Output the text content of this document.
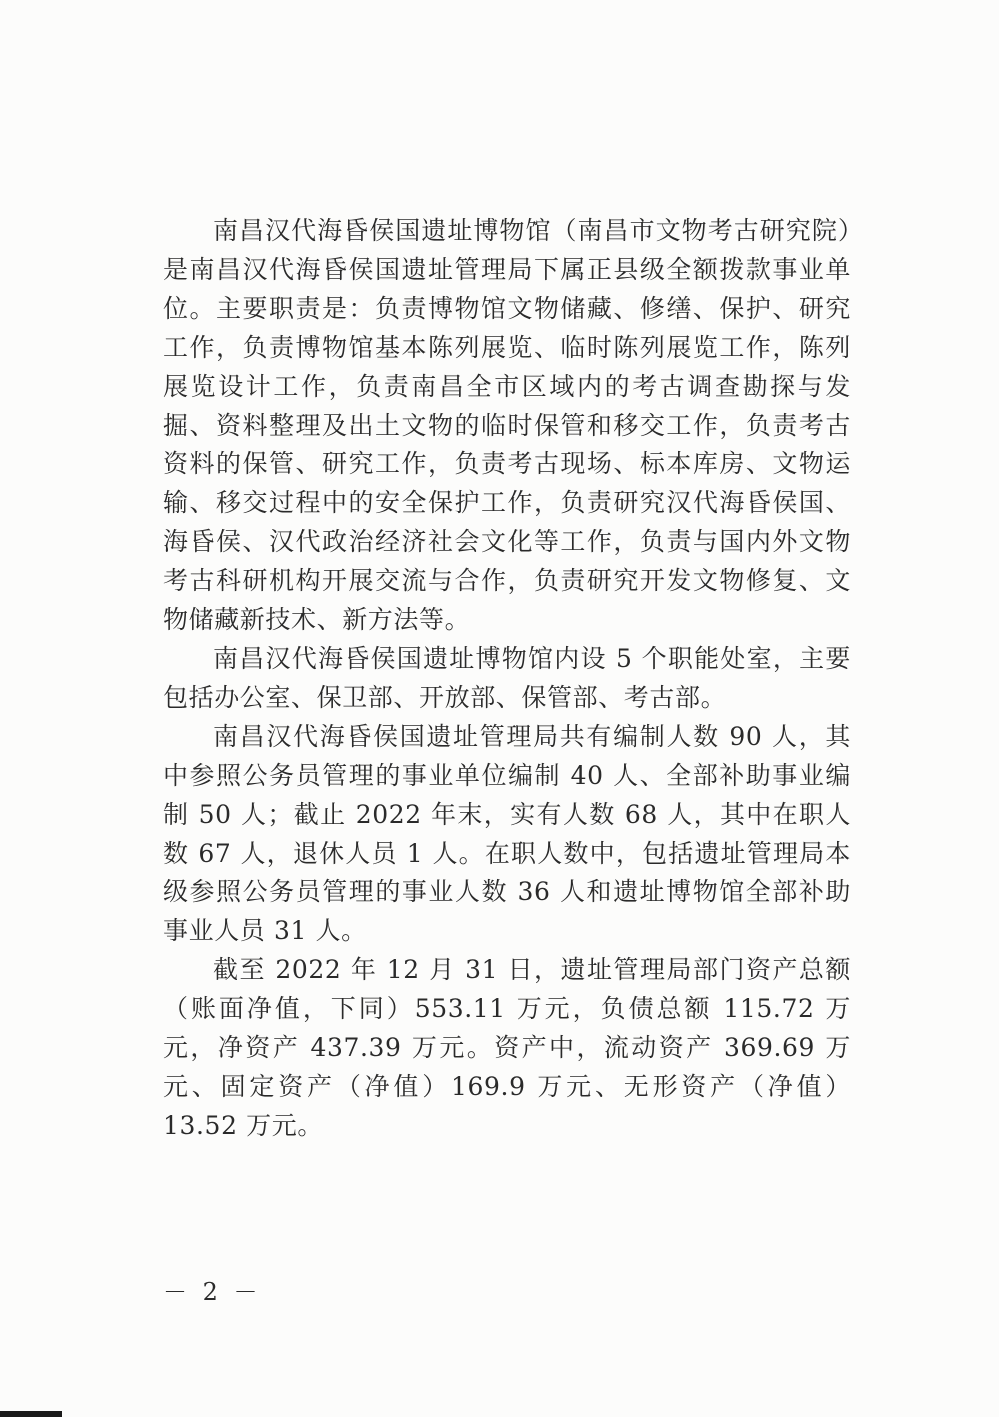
南昌汉代海昏侯国遗址博物馆（南昌市文物考古研究院）是南昌汉代海昏侯国遗址管理局下属正县级全额拨款事业单位。主要职责是：负责博物馆文物储藏、修缮、保护、研究工作，负责博物馆基本陈列展览、临时陈列展览工作，陈列展览设计工作，负责南昌全市区域内的考古调查勘探与发掘、资料整理及出土文物的临时保管和移交工作，负责考古资料的保管、研究工作，负责考古现场、标本库房、文物运输、移交过程中的安全保护工作，负责研究汉代海昏侯国、海昏侯、汉代政治经济社会文化等工作，负责与国内外文物考古科研机构开展交流与合作，负责研究开发文物修复、文物储藏新技术、新方法等。

南昌汉代海昏侯国遗址博物馆内设 5 个职能处室，主要包括办公室、保卫部、开放部、保管部、考古部。

南昌汉代海昏侯国遗址管理局共有编制人数 90 人，其中参照公务员管理的事业单位编制 40 人、全部补助事业编制 50 人；截止 2022 年末，实有人数 68 人，其中在职人数 67 人，退休人员 1 人。在职人数中，包括遗址管理局本级参照公务员管理的事业人数 36 人和遗址博物馆全部补助事业人员 31 人。

截至 2022 年 12 月 31 日，遗址管理局部门资产总额（账面净值，下同）553.11 万元，负债总额 115.72 万元，净资产 437.39 万元。资产中，流动资产 369.69 万元、固定资产（净值）169.9 万元、无形资产（净值）13.52 万元。

－ 2 －
